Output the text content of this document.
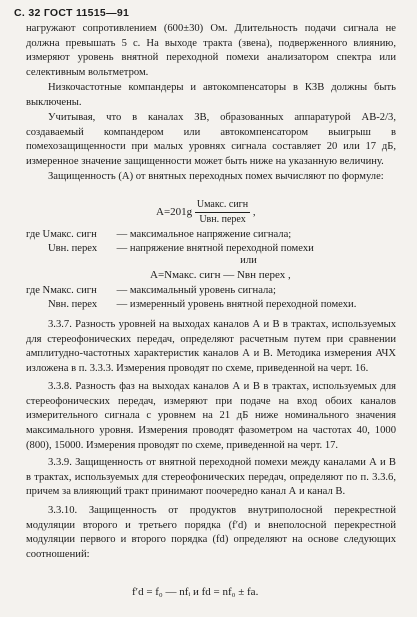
С. 32 ГОСТ 11515—91

нагружают сопротивлением (600±30) Ом. Длительность подачи сигнала не должна превышать 5 с. На выходе тракта (звена), подверженного влиянию, измеряют уровень внятной переходной помехи анализатором спектра или селективным вольтметром.

Низкочастотные компандеры и автокомпенсаторы в КЗВ должны быть выключены.

Учитывая, что в каналах ЗВ, образованных аппаратурой АВ-2/3, создаваемый компандером или автокомпенсатором выигрыш в помехозащищенности при малых уровнях сигнала составляет 20 или 17 дБ, измеренное значение защищенности может быть ниже на указанную величину.

Защищенность (А) от внятных переходных помех вычисляют по формуле:

$A=201g \frac{\text{Uмакс. сигн}}{\text{Uвн. перех}}$ ,
где Uмакс. сигн — максимальное напряжение сигнала;
Uвн. перех — напряжение внятной переходной помехи
или
A=Nмакс. сигн — Nвн перех ,
где Nмакс. сигн — максимальный уровень сигнала;
Nвн. перех — измеренный уровень внятной переходной помехи.

3.3.7. Разность уровней на выходах каналов А и В в трактах, используемых для стереофонических передач, определяют расчетным путем при сравнении амплитудно-частотных характеристик каналов А и В. Методика измерения АЧХ изложена в п. 3.3.3. Измерения проводят по схеме, приведенной на черт. 16.

3.3.8. Разность фаз на выходах каналов А и В в трактах, используемых для стереофонических передач, измеряют при подаче на вход обоих каналов измерительного сигнала с уровнем на 21 дБ ниже номинального значения максимального уровня. Измерения проводят фазометром на частотах 40, 1000 (800), 15000. Измерения проводят по схеме, приведенной на черт. 17.

3.3.9. Защищенность от внятной переходной помехи между каналами А и В в трактах, используемых для стереофонических передач, определяют по п. 3.3.6, причем за влияющий тракт принимают поочередно канал А и канал В.

3.3.10. Защищенность от продуктов внутриполосной перекрестной модуляции второго и третьего порядка (f′d) и внеполосной перекрестной модуляции первого и второго порядка (fd) определяют на основе следующих соотношений:

f′d = f₀ — nfᵢ и fd = nf₀ ± fa.
